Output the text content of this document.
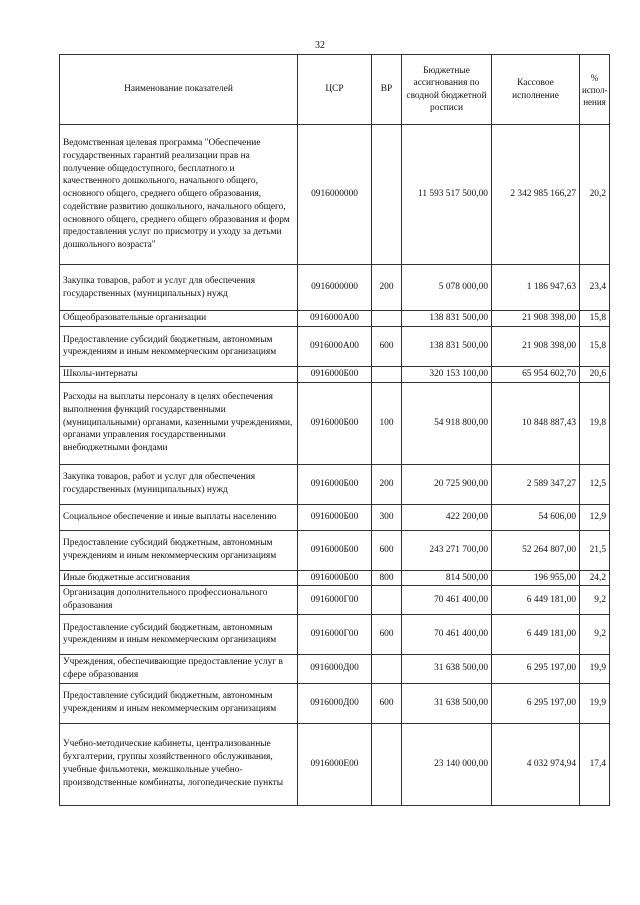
32
Наименование показателей	ЦСР	ВР	Бюджетные ассигнования по сводной бюджетной росписи	Кассовое исполнение	% испол-нения
Ведомственная целевая программа "Обеспечение государственных гарантий реализации прав на получение общедоступного, бесплатного и качественного дошкольного, начального общего, основного общего, среднего общего образования, содействие развитию дошкольного, начального общего, основного общего, среднего общего образования и форм предоставления услуг по присмотру и уходу за детьми дошкольного возраста"	0916000000		11 593 517 500,00	2 342 985 166,27	20,2
Закупка товаров, работ и услуг для обеспечения государственных (муниципальных) нужд	0916000000	200	5 078 000,00	1 186 947,63	23,4
Общеобразовательные организации	0916000А00		138 831 500,00	21 908 398,00	15,8
Предоставление субсидий бюджетным, автономным учреждениям и иным некоммерческим организациям	0916000А00	600	138 831 500,00	21 908 398,00	15,8
Школы-интернаты	0916000Б00		320 153 100,00	65 954 602,70	20,6
Расходы на выплаты персоналу в целях обеспечения выполнения функций государственными (муниципальными) органами, казенными учреждениями, органами управления государственными внебюджетными фондами	0916000Б00	100	54 918 800,00	10 848 887,43	19,8
Закупка товаров, работ и услуг для обеспечения государственных (муниципальных) нужд	0916000Б00	200	20 725 900,00	2 589 347,27	12,5
Социальное обеспечение и иные выплаты населению	0916000Б00	300	422 200,00	54 606,00	12,9
Предоставление субсидий бюджетным, автономным учреждениям и иным некоммерческим организациям	0916000Б00	600	243 271 700,00	52 264 807,00	21,5
Иные бюджетные ассигнования	0916000Б00	800	814 500,00	196 955,00	24,2
Организация дополнительного профессионального образования	0916000Г00		70 461 400,00	6 449 181,00	9,2
Предоставление субсидий бюджетным, автономным учреждениям и иным некоммерческим организациям	0916000Г00	600	70 461 400,00	6 449 181,00	9,2
Учреждения, обеспечивающие предоставление услуг в сфере образования	0916000Д00		31 638 500,00	6 295 197,00	19,9
Предоставление субсидий бюджетным, автономным учреждениям и иным некоммерческим организациям	0916000Д00	600	31 638 500,00	6 295 197,00	19,9
Учебно-методические кабинеты, централизованные бухгалтерии, группы хозяйственного обслуживания, учебные фильмотеки, межшкольные учебно-производственные комбинаты, логопедические пункты	0916000Е00		23 140 000,00	4 032 974,94	17,4
